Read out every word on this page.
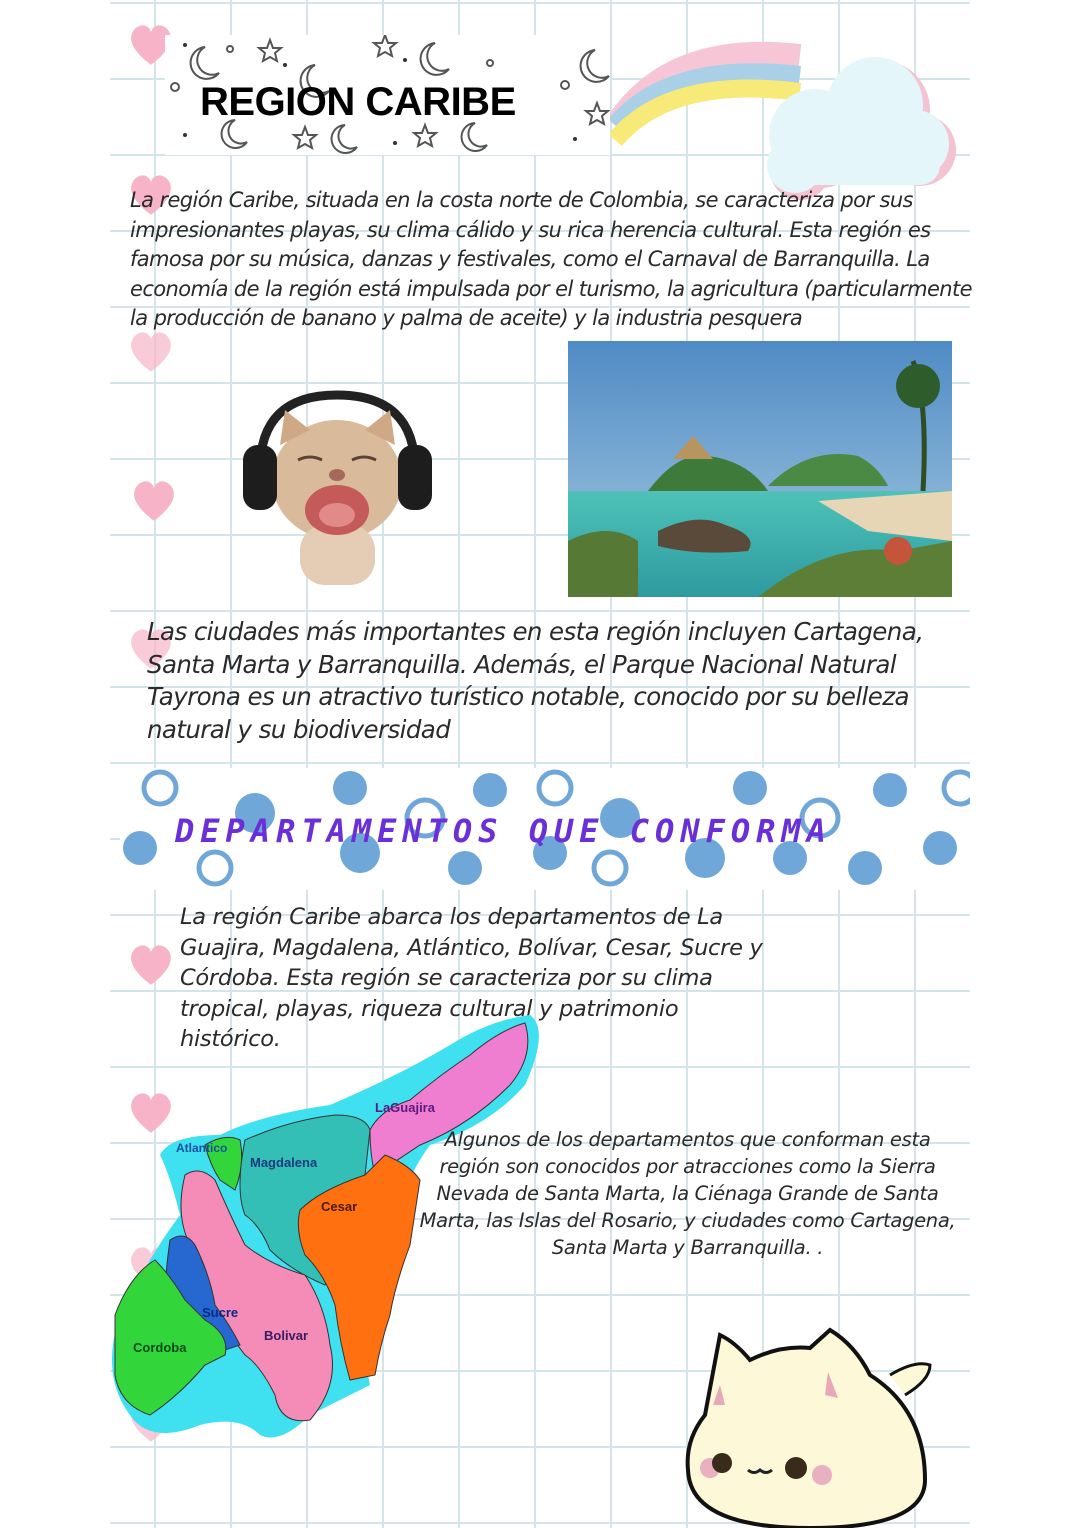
REGION CARIBE
La región Caribe, situada en la costa norte de Colombia, se caracteriza por sus impresionantes playas, su clima cálido y su rica herencia cultural. Esta región es famosa por su música, danzas y festivales, como el Carnaval de Barranquilla. La economía de la región está impulsada por el turismo, la agricultura (particularmente la producción de banano y palma de aceite) y la industria pesquera
Las ciudades más importantes en esta región incluyen Cartagena, Santa Marta y Barranquilla. Además, el Parque Nacional Natural Tayrona es un atractivo turístico notable, conocido por su belleza natural y su biodiversidad
DEPARTAMENTOS QUE CONFORMA
La región Caribe abarca los departamentos de La Guajira, Magdalena, Atlántico, Bolívar, Cesar, Sucre y Córdoba. Esta región se caracteriza por su clima tropical, playas, riqueza cultural y patrimonio histórico.
LaGuajira
Atlantico
Magdalena
Cesar
Sucre
Bolivar
Cordoba
Algunos de los departamentos que conforman esta región son conocidos por atracciones como la Sierra Nevada de Santa Marta, la Ciénaga Grande de Santa Marta, las Islas del Rosario, y ciudades como Cartagena, Santa Marta y Barranquilla. .
